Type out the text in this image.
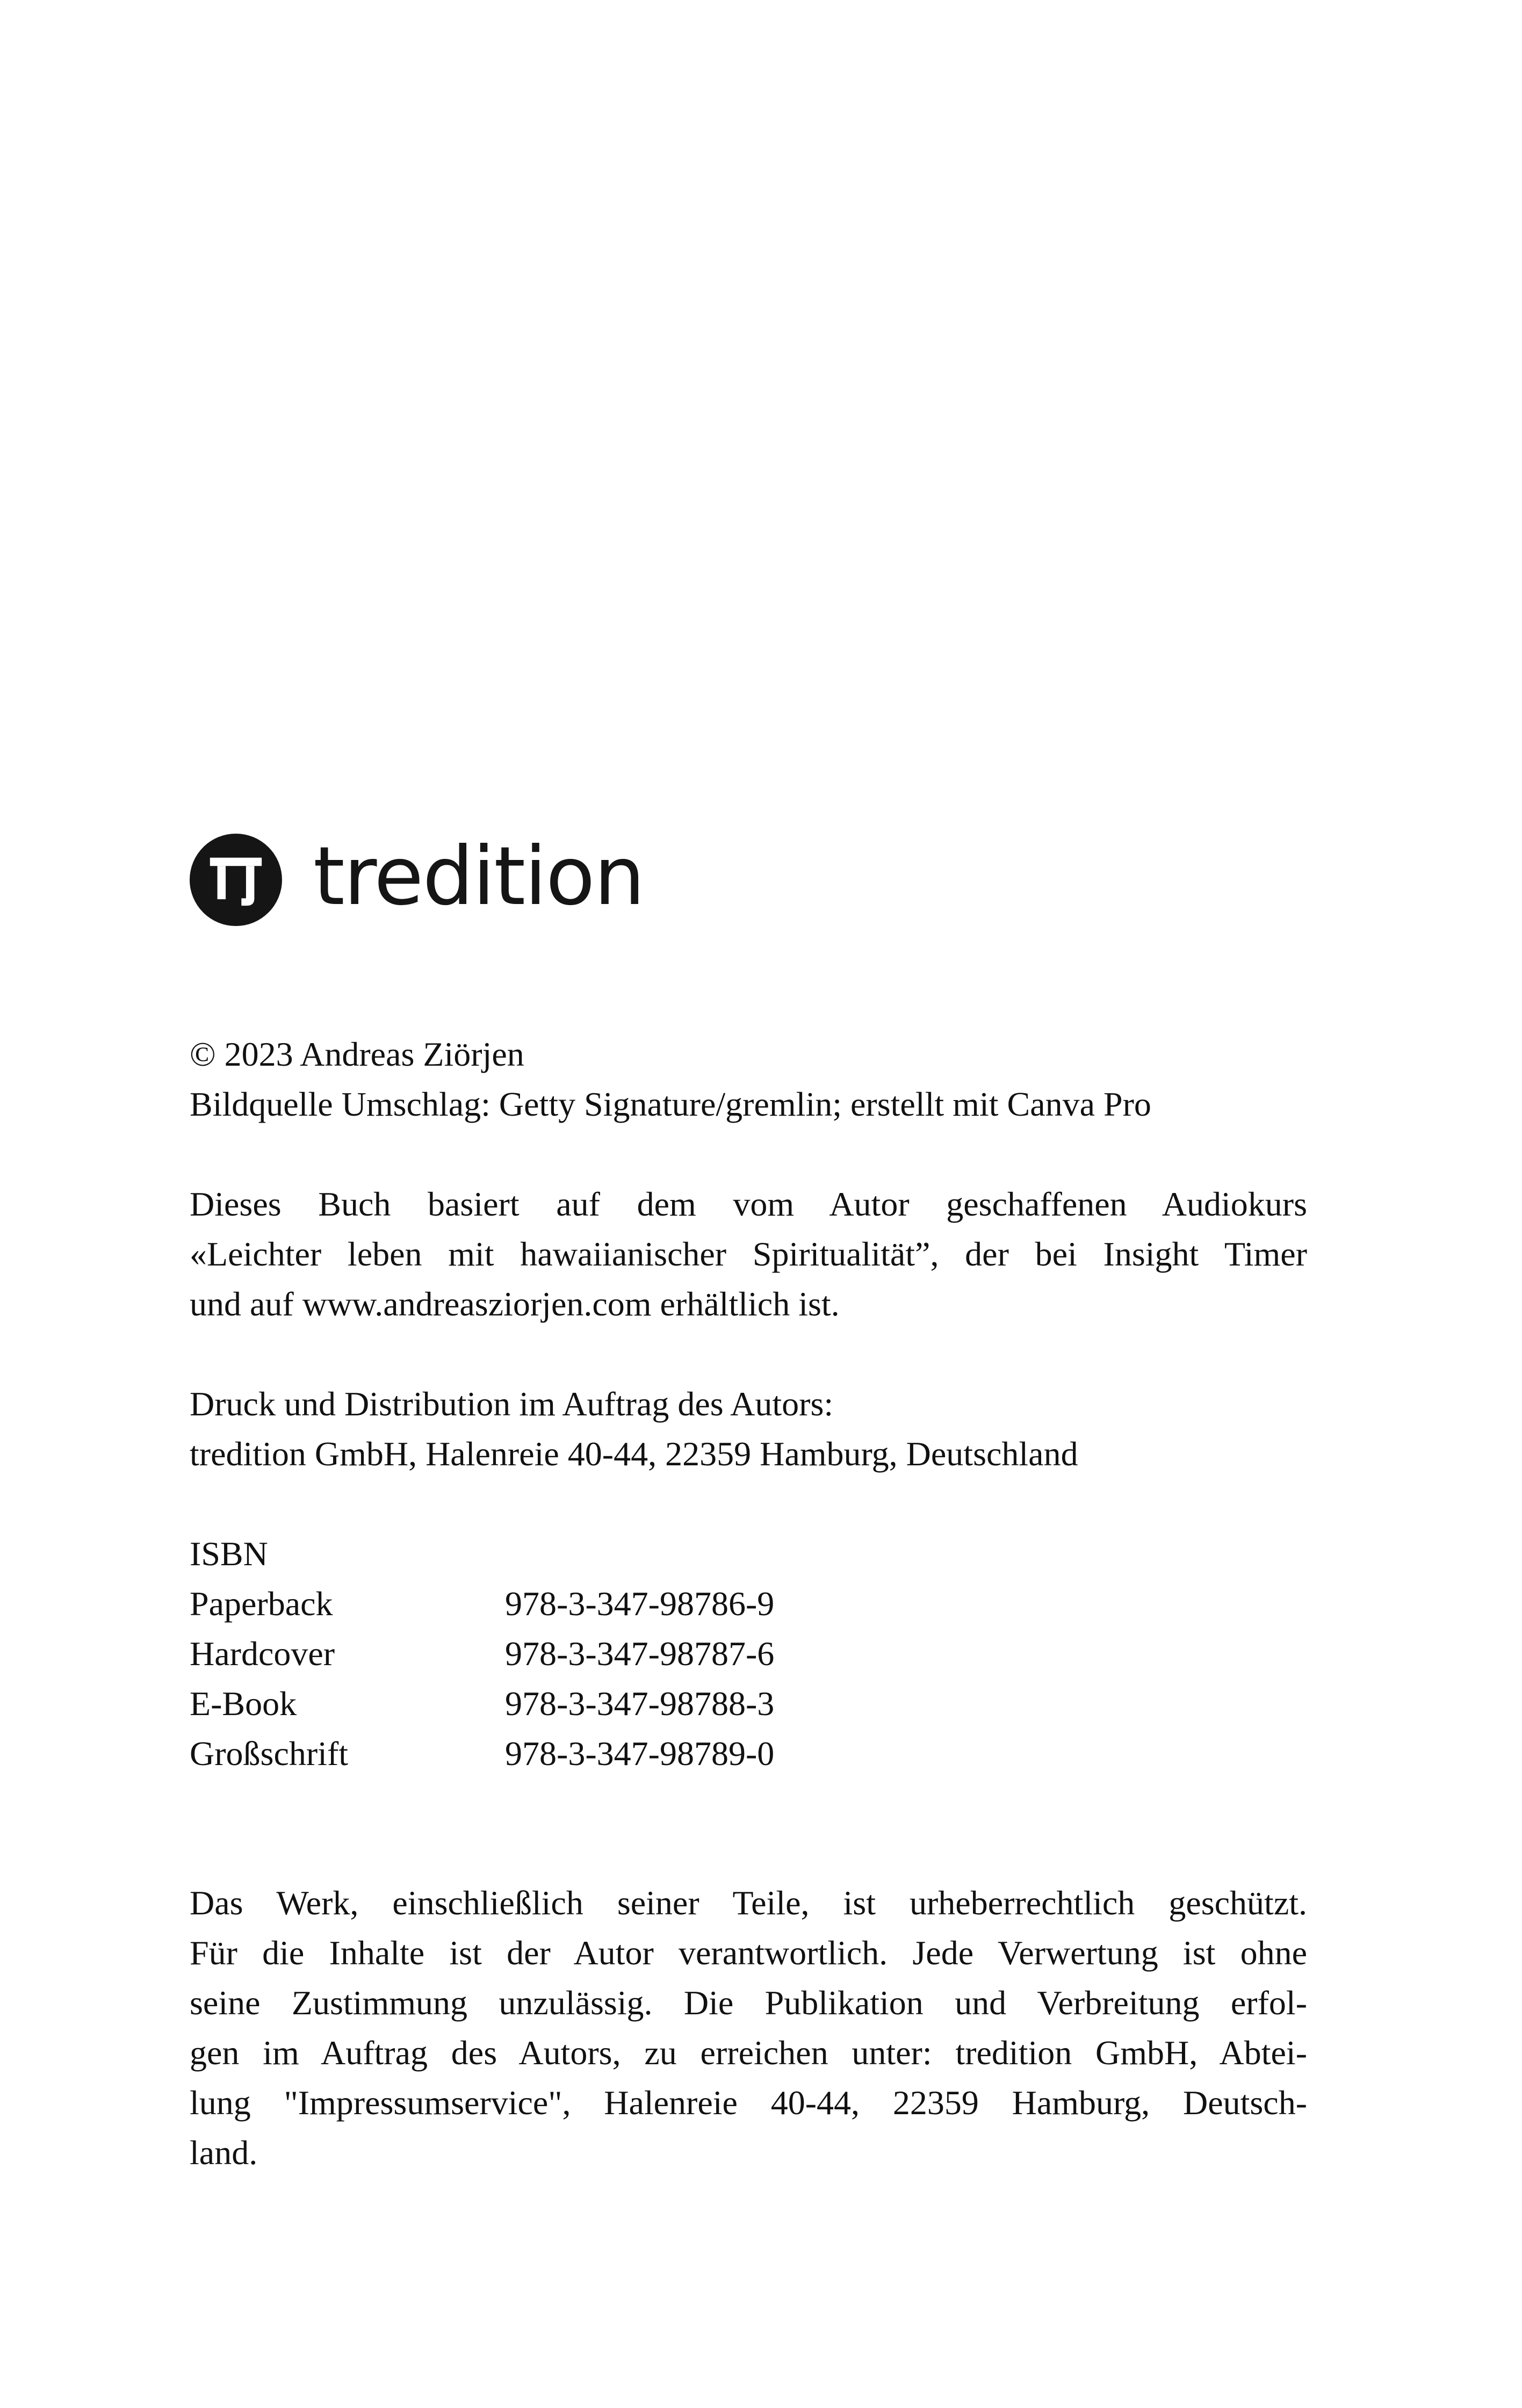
tredition
© 2023 Andreas Ziörjen
Bildquelle Umschlag: Getty Signature/gremlin; erstellt mit Canva Pro
Dieses Buch basiert auf dem vom Autor geschaffenen Audiokurs
«Leichter leben mit hawaiianischer Spiritualität”, der bei Insight Timer
und auf www.andreasziorjen.com erhältlich ist.
Druck und Distribution im Auftrag des Autors:
tredition GmbH, Halenreie 40-44, 22359 Hamburg, Deutschland
ISBN
Paperback	978-3-347-98786-9
Hardcover	978-3-347-98787-6
E-Book	978-3-347-98788-3
Großschrift	978-3-347-98789-0
Das Werk, einschließlich seiner Teile, ist urheberrechtlich geschützt.
Für die Inhalte ist der Autor verantwortlich. Jede Verwertung ist ohne
seine Zustimmung unzulässig. Die Publikation und Verbreitung erfol-
gen im Auftrag des Autors, zu erreichen unter: tredition GmbH, Abtei-
lung "Impressumservice", Halenreie 40-44, 22359 Hamburg, Deutsch-
land.
